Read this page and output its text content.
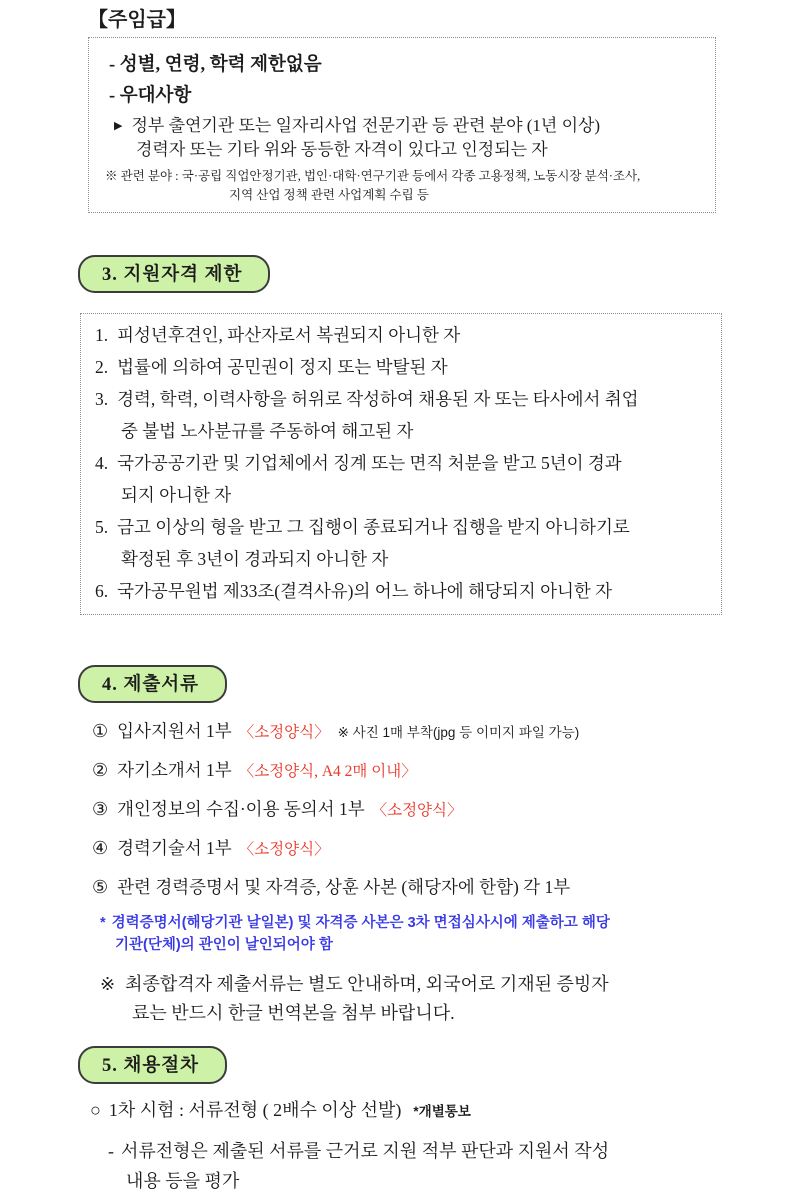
【주임급】
- 성별, 연령, 학력 제한없음
- 우대사항
▶ 정부 출연기관 또는 일자리사업 전문기관 등 관련 분야 (1년 이상)
경력자 또는 기타 위와 동등한 자격이 있다고 인정되는 자
※ 관련 분야 : 국·공립 직업안정기관, 법인·대학·연구기관 등에서 각종 고용정책, 노동시장 분석·조사,
지역 산업 정책 관련 사업계획 수립 등
3. 지원자격 제한
1. 피성년후견인, 파산자로서 복권되지 아니한 자
2. 법률에 의하여 공민권이 정지 또는 박탈된 자
3. 경력, 학력, 이력사항을 허위로 작성하여 채용된 자 또는 타사에서 취업
중 불법 노사분규를 주동하여 해고된 자
4. 국가공공기관 및 기업체에서 징계 또는 면직 처분을 받고 5년이 경과
되지 아니한 자
5. 금고 이상의 형을 받고 그 집행이 종료되거나 집행을 받지 아니하기로
확정된 후 3년이 경과되지 아니한 자
6. 국가공무원법 제33조(결격사유)의 어느 하나에 해당되지 아니한 자
4. 제출서류
① 입사지원서 1부 〈소정양식〉 ※ 사진 1매 부착(jpg 등 이미지 파일 가능)
② 자기소개서 1부 〈소정양식, A4 2매 이내〉
③ 개인정보의 수집·이용 동의서 1부 〈소정양식〉
④ 경력기술서 1부 〈소정양식〉
⑤ 관련 경력증명서 및 자격증, 상훈 사본 (해당자에 한함) 각 1부
* 경력증명서(해당기관 날일본) 및 자격증 사본은 3차 면접심사시에 제출하고 해당
기관(단체)의 관인이 날인되어야 함
※ 최종합격자 제출서류는 별도 안내하며, 외국어로 기재된 증빙자
료는 반드시 한글 번역본을 첨부 바랍니다.
5. 채용절차
○ 1차 시험 : 서류전형 ( 2배수 이상 선발) *개별통보
- 서류전형은 제출된 서류를 근거로 지원 적부 판단과 지원서 작성
내용 등을 평가
